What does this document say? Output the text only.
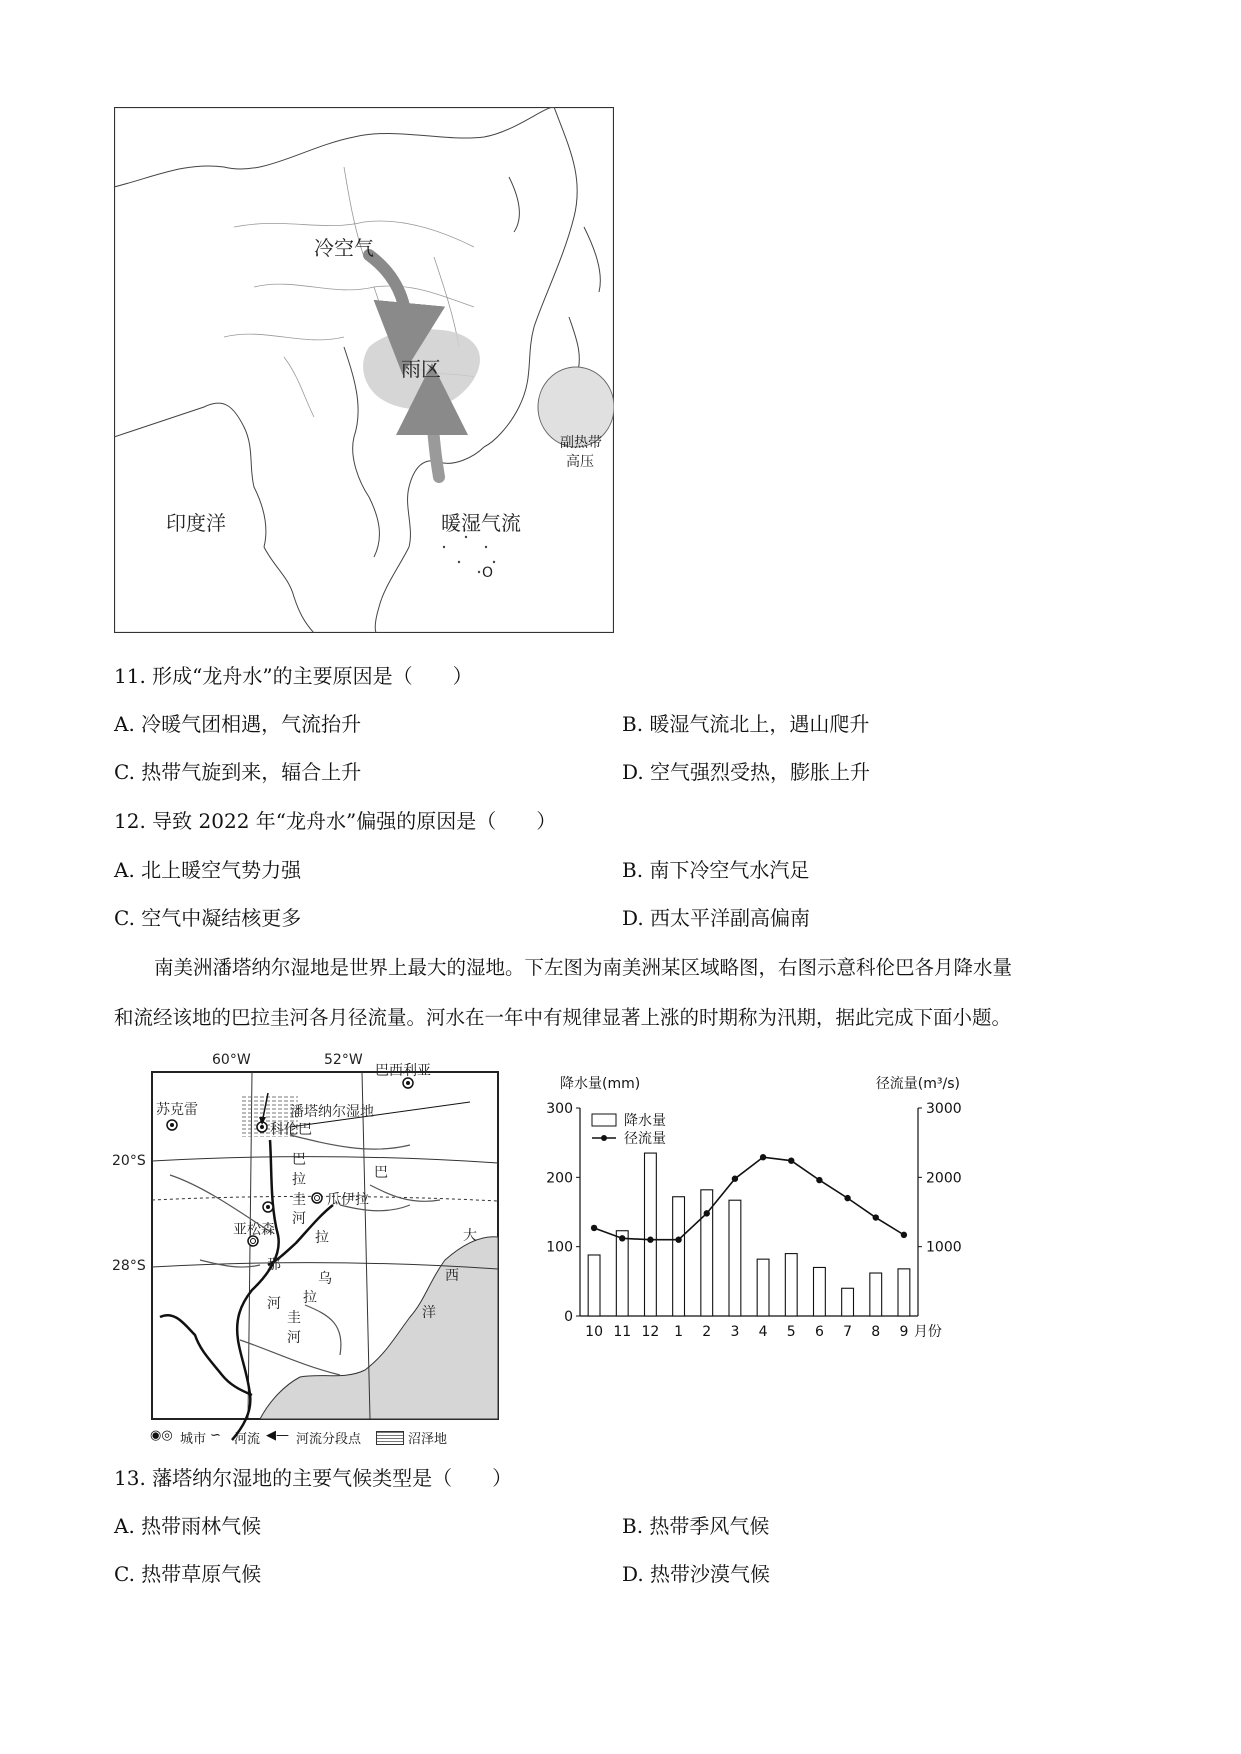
冷空气
雨区
副热带
高压
印度洋	暖湿气流
O
11. 形成“龙舟水”的主要原因是（　　）
A. 冷暖气团相遇，气流抬升	B. 暖湿气流北上，遇山爬升
C. 热带气旋到来，辐合上升	D. 空气强烈受热，膨胀上升
12. 导致 2022 年“龙舟水”偏强的原因是（　　）
A. 北上暖空气势力强	B. 南下冷空气水汽足
C. 空气中凝结核更多	D. 西太平洋副高偏南
南美洲潘塔纳尔湿地是世界上最大的湿地。下左图为南美洲某区域略图，右图示意科伦巴各月降水量
和流经该地的巴拉圭河各月径流量。河水在一年中有规律显著上涨的时期称为汛期，据此完成下面小题。
60°W	52°W
20°S
28°S
巴西利亚
苏克雷	潘塔纳尔湿地
科伦巴
亚松森
瓜伊拉
巴
拉
圭
河
巴
拉
那
乌
拉
圭
河
河
大
西
洋
◉◎ 城市 ∽ 河流 ◀— 河流分段点	沼泽地
0
100
200
300
1000
2000
3000
降水量(mm)	径流量(m³/s)
10 11 12 1 2 3 4 5 6 7 8 9 月份
降水量
径流量
13. 藩塔纳尔湿地的主要气候类型是（　　）
A. 热带雨林气候	B. 热带季风气候
C. 热带草原气候	D. 热带沙漠气候
